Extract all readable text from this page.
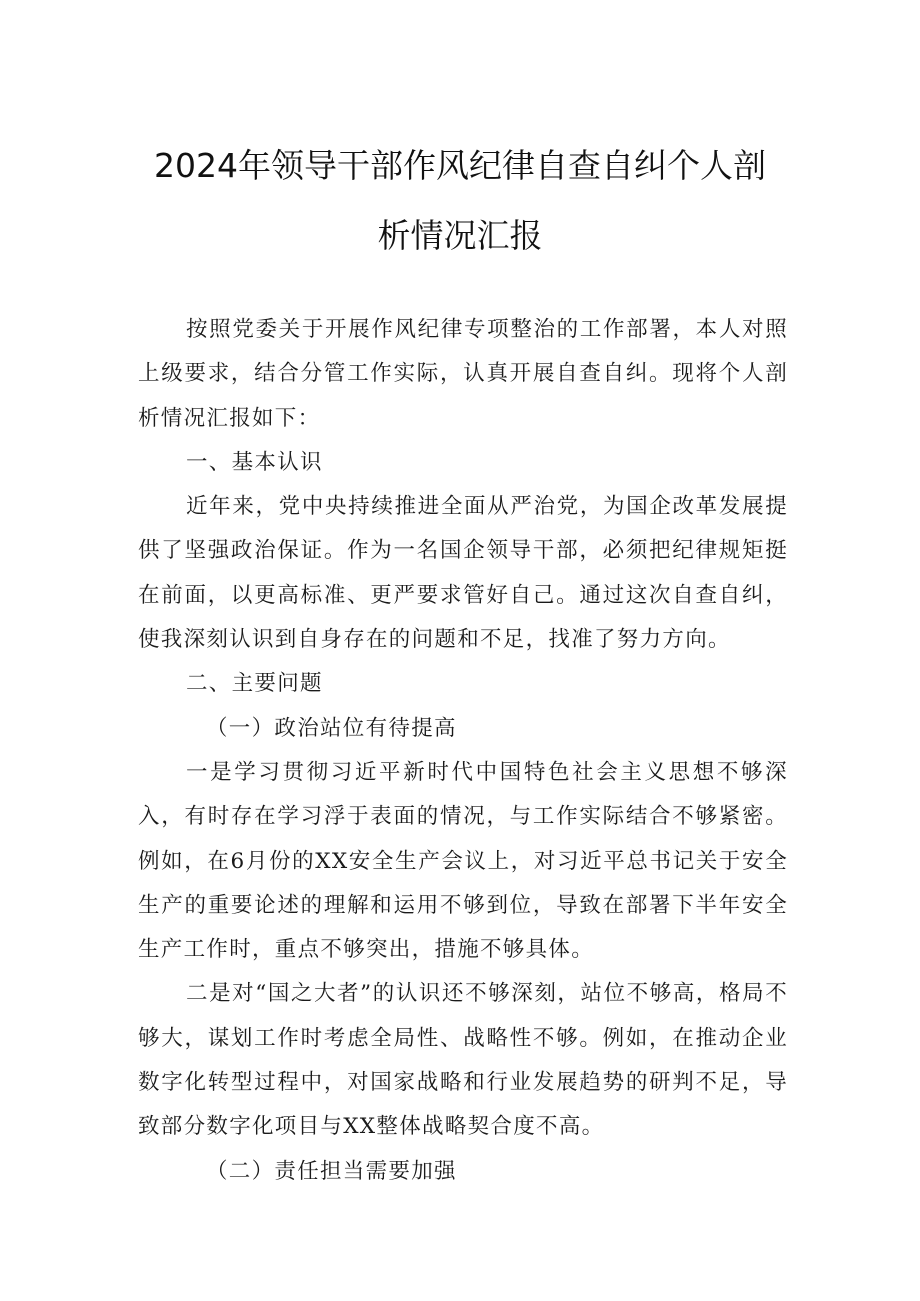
2024年领导干部作风纪律自查自纠个人剖
析情况汇报

按照党委关于开展作风纪律专项整治的工作部署，本人对照上级要求，结合分管工作实际，认真开展自查自纠。现将个人剖析情况汇报如下：

一、基本认识

近年来，党中央持续推进全面从严治党，为国企改革发展提供了坚强政治保证。作为一名国企领导干部，必须把纪律规矩挺在前面，以更高标准、更严要求管好自己。通过这次自查自纠，使我深刻认识到自身存在的问题和不足，找准了努力方向。

二、主要问题

（一）政治站位有待提高

一是学习贯彻习近平新时代中国特色社会主义思想不够深入，有时存在学习浮于表面的情况，与工作实际结合不够紧密。例如，在6月份的XX安全生产会议上，对习近平总书记关于安全生产的重要论述的理解和运用不够到位，导致在部署下半年安全生产工作时，重点不够突出，措施不够具体。

二是对“国之大者”的认识还不够深刻，站位不够高，格局不够大，谋划工作时考虑全局性、战略性不够。例如，在推动企业数字化转型过程中，对国家战略和行业发展趋势的研判不足，导致部分数字化项目与XX整体战略契合度不高。

（二）责任担当需要加强
